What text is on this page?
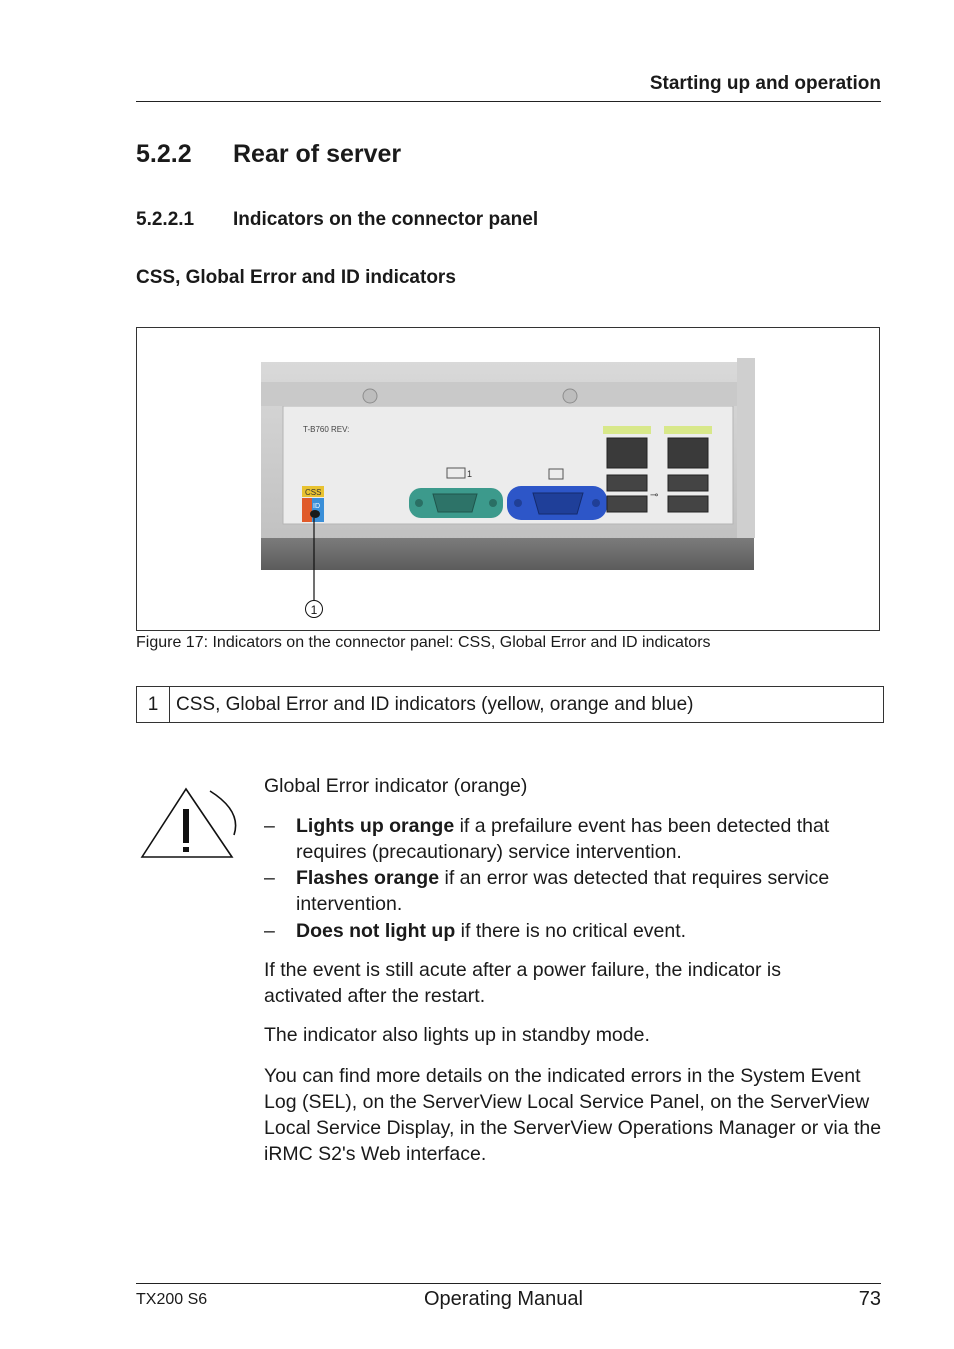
Starting up and operation
5.2.2 Rear of server
5.2.2.1 Indicators on the connector panel
CSS, Global Error and ID indicators
T-B760 REV:
CSS
ID
1
⊸
1
Figure 17: Indicators on the connector panel: CSS, Global Error and ID indicators
1 CSS, Global Error and ID indicators (yellow, orange and blue)
Global Error indicator (orange)
– Lights up orange if a prefailure event has been detected that requires (precautionary) service intervention.
– Flashes orange if an error was detected that requires service intervention.
– Does not light up if there is no critical event.
If the event is still acute after a power failure, the indicator is activated after the restart.
The indicator also lights up in standby mode.
You can find more details on the indicated errors in the System Event Log (SEL), on the ServerView Local Service Panel, on the ServerView Local Service Display, in the ServerView Operations Manager or via the iRMC S2's Web interface.
TX200 S6	Operating Manual	73
